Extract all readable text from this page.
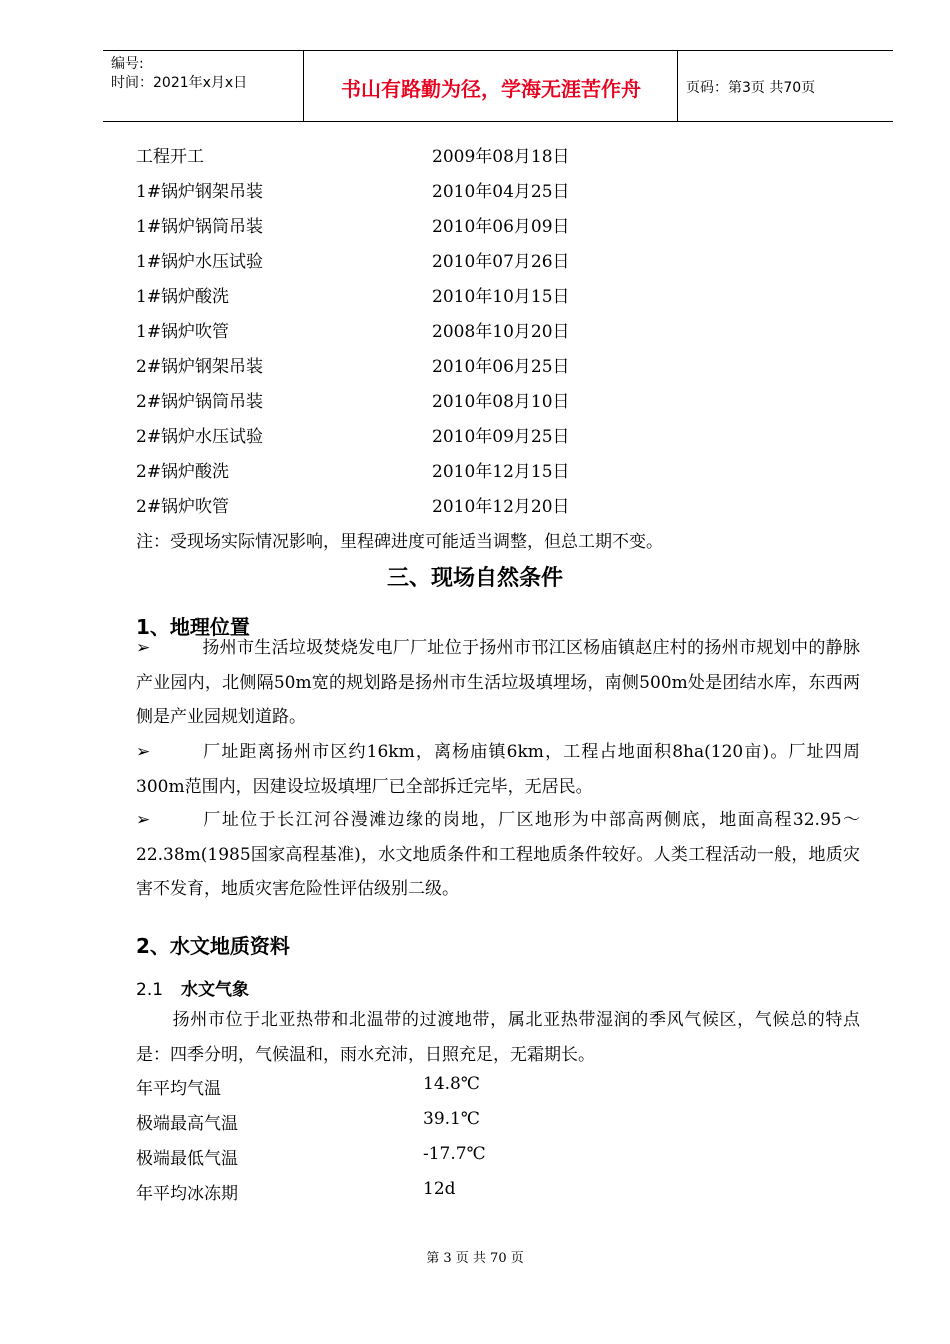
编号:
时间：2021年x月x日	书山有路勤为径，学海无涯苦作舟	页码：第3页 共70页
工程开工	2009年08月18日
1#锅炉钢架吊装	2010年04月25日
1#锅炉锅筒吊装	2010年06月09日
1#锅炉水压试验	2010年07月26日
1#锅炉酸洗	2010年10月15日
1#锅炉吹管	2008年10月20日
2#锅炉钢架吊装	2010年06月25日
2#锅炉锅筒吊装	2010年08月10日
2#锅炉水压试验	2010年09月25日
2#锅炉酸洗	2010年12月15日
2#锅炉吹管	2010年12月20日
注：受现场实际情况影响，里程碑进度可能适当调整，但总工期不变。
三、现场自然条件
1、地理位置
➢	扬州市生活垃圾焚烧发电厂厂址位于扬州市邗江区杨庙镇赵庄村的扬州市规划中的静脉产业园内，北侧隔50m宽的规划路是扬州市生活垃圾填埋场，南侧500m处是团结水库，东西两侧是产业园规划道路。
➢	厂址距离扬州市区约16km，离杨庙镇6km，工程占地面积8ha(120亩)。厂址四周300m范围内，因建设垃圾填埋厂已全部拆迁完毕，无居民。
➢	厂址位于长江河谷漫滩边缘的岗地，厂区地形为中部高两侧底，地面高程32.95～22.38m(1985国家高程基准)，水文地质条件和工程地质条件较好。人类工程活动一般，地质灾害不发育，地质灾害危险性评估级别二级。
2、水文地质资料
2.1 水文气象
扬州市位于北亚热带和北温带的过渡地带，属北亚热带湿润的季风气候区，气候总的特点是：四季分明，气候温和，雨水充沛，日照充足，无霜期长。
年平均气温	14.8℃
极端最高气温	39.1℃
极端最低气温	-17.7℃
年平均冰冻期	12d
第 3 页 共 70 页
